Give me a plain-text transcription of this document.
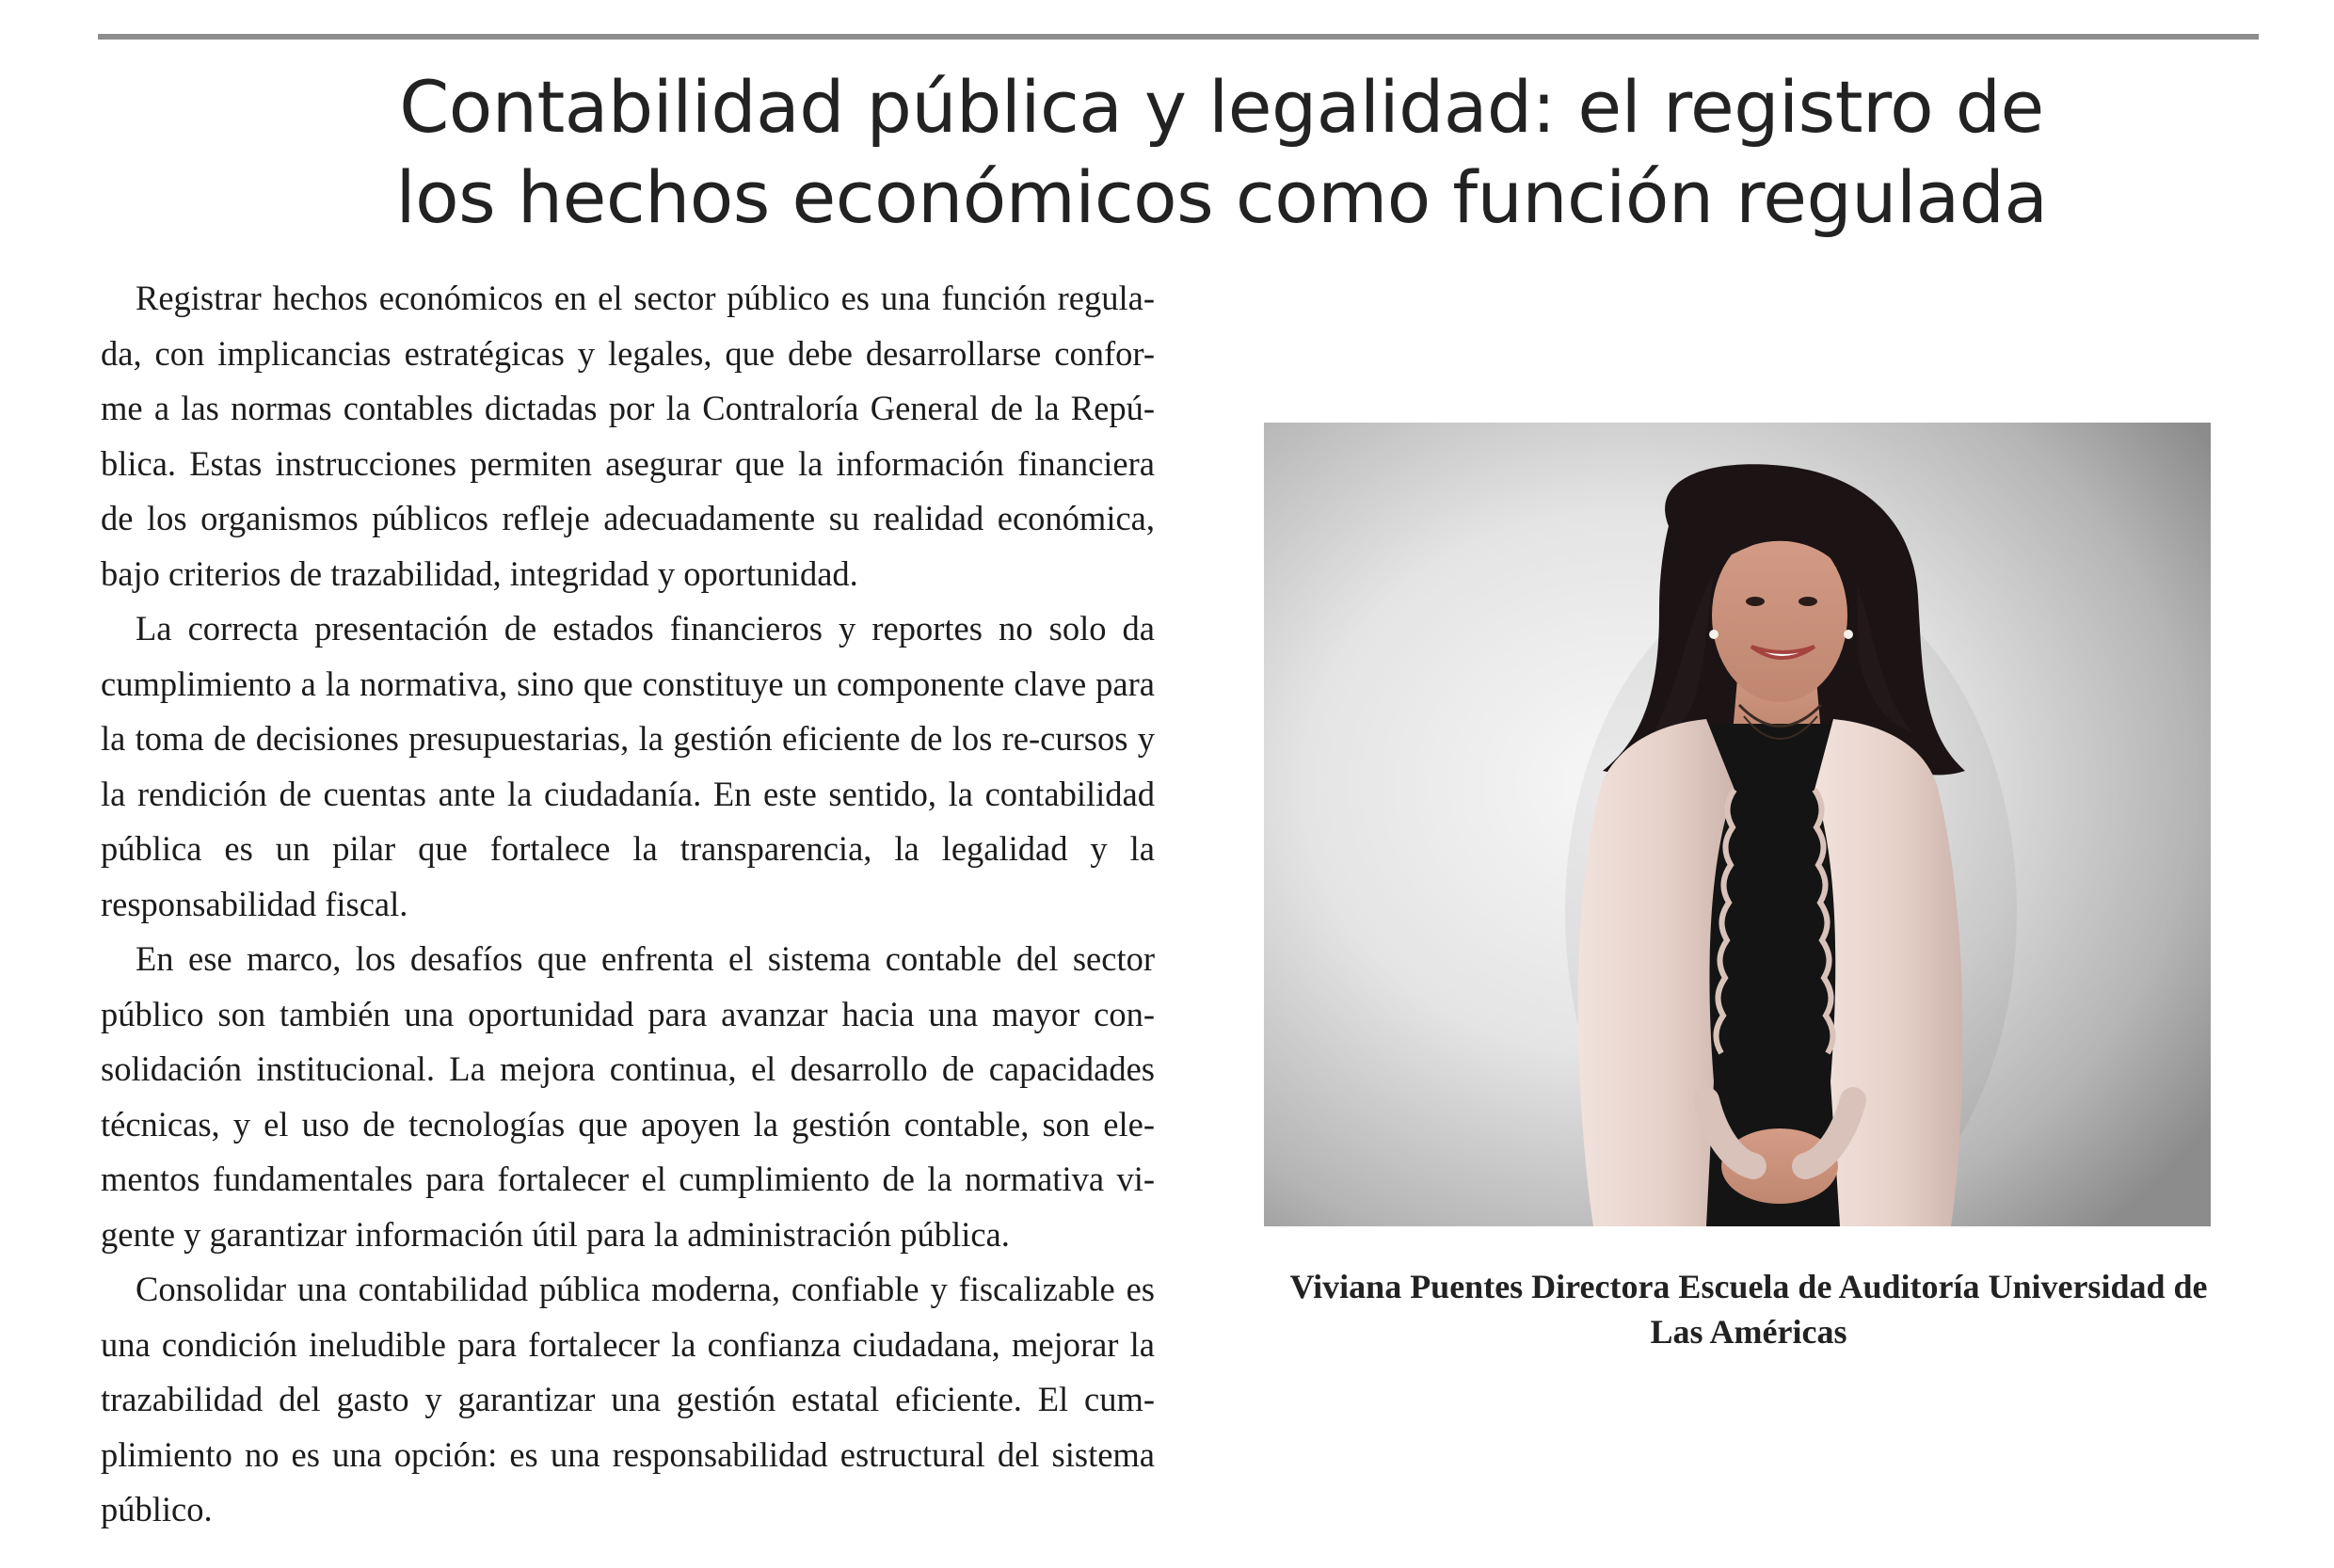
Contabilidad pública y legalidad: el registro de
los hechos económicos como función regulada

Registrar hechos económicos en el sector público es una función regula-da, con implicancias estratégicas y legales, que debe desarrollarse confor-me a las normas contables dictadas por la Contraloría General de la Repú-blica. Estas instrucciones permiten asegurar que la información financiera de los organismos públicos refleje adecuadamente su realidad económica, bajo criterios de trazabilidad, integridad y oportunidad.

La correcta presentación de estados financieros y reportes no solo da cumplimiento a la normativa, sino que constituye un componente clave para la toma de decisiones presupuestarias, la gestión eficiente de los re-cursos y la rendición de cuentas ante la ciudadanía. En este sentido, la contabilidad pública es un pilar que fortalece la transparencia, la legalidad y la responsabilidad fiscal.

En ese marco, los desafíos que enfrenta el sistema contable del sector público son también una oportunidad para avanzar hacia una mayor con-solidación institucional. La mejora continua, el desarrollo de capacidades técnicas, y el uso de tecnologías que apoyen la gestión contable, son ele-mentos fundamentales para fortalecer el cumplimiento de la normativa vi-gente y garantizar información útil para la administración pública.

Consolidar una contabilidad pública moderna, confiable y fiscalizable es una condición ineludible para fortalecer la confianza ciudadana, mejorar la trazabilidad del gasto y garantizar una gestión estatal eficiente. El cum-plimiento no es una opción: es una responsabilidad estructural del sistema público.

Viviana Puentes Directora Escuela de Auditoría Universidad de Las Américas
